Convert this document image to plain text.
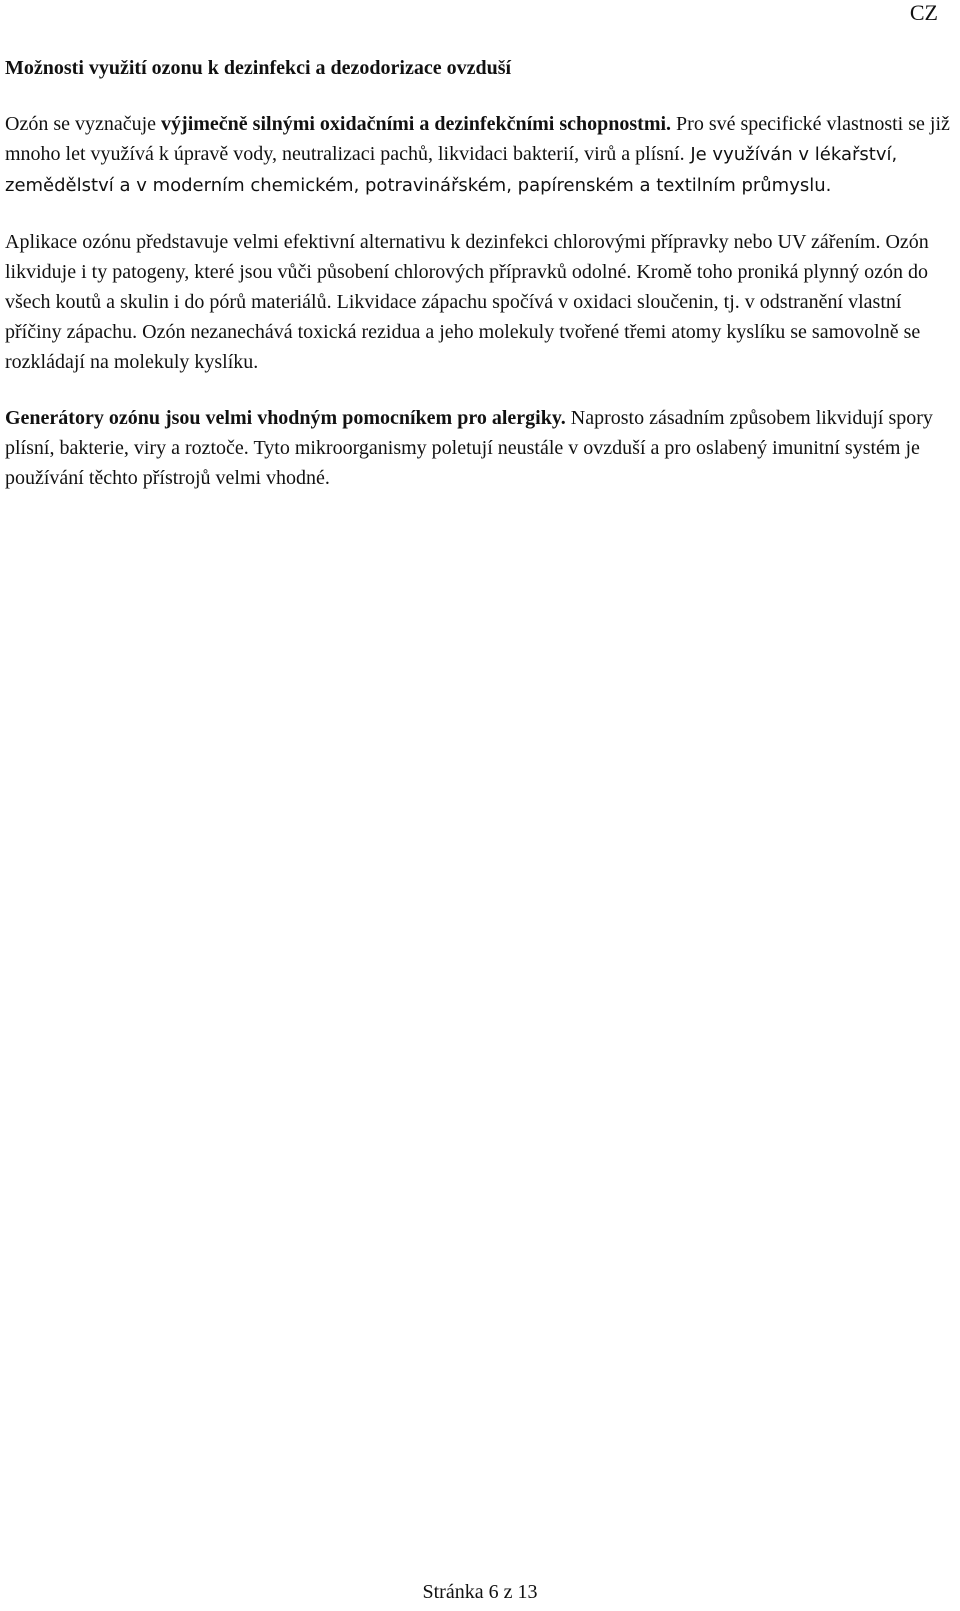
CZ
Možnosti využití ozonu k dezinfekci a dezodorizace ovzduší

Ozón se vyznačuje výjimečně silnými oxidačními a dezinfekčními schopnostmi. Pro své specifické vlastnosti se již mnoho let využívá k úpravě vody, neutralizaci pachů, likvidaci bakterií, virů a plísní. Je využíván v lékařství, zemědělství a v moderním chemickém, potravinářském, papírenském a textilním průmyslu.

Aplikace ozónu představuje velmi efektivní alternativu k dezinfekci chlorovými přípravky nebo UV zářením. Ozón likviduje i ty patogeny, které jsou vůči působení chlorových přípravků odolné. Kromě toho proniká plynný ozón do všech koutů a skulin i do pórů materiálů. Likvidace zápachu spočívá v oxidaci sloučenin, tj. v odstranění vlastní příčiny zápachu. Ozón nezanechává toxická rezidua a jeho molekuly tvořené třemi atomy kyslíku se samovolně se rozkládají na molekuly kyslíku.

Generátory ozónu jsou velmi vhodným pomocníkem pro alergiky. Naprosto zásadním způsobem likvidují spory plísní, bakterie, viry a roztoče. Tyto mikroorganismy poletují neustále v ovzduší a pro oslabený imunitní systém je používání těchto přístrojů velmi vhodné.

Stránka 6 z 13
